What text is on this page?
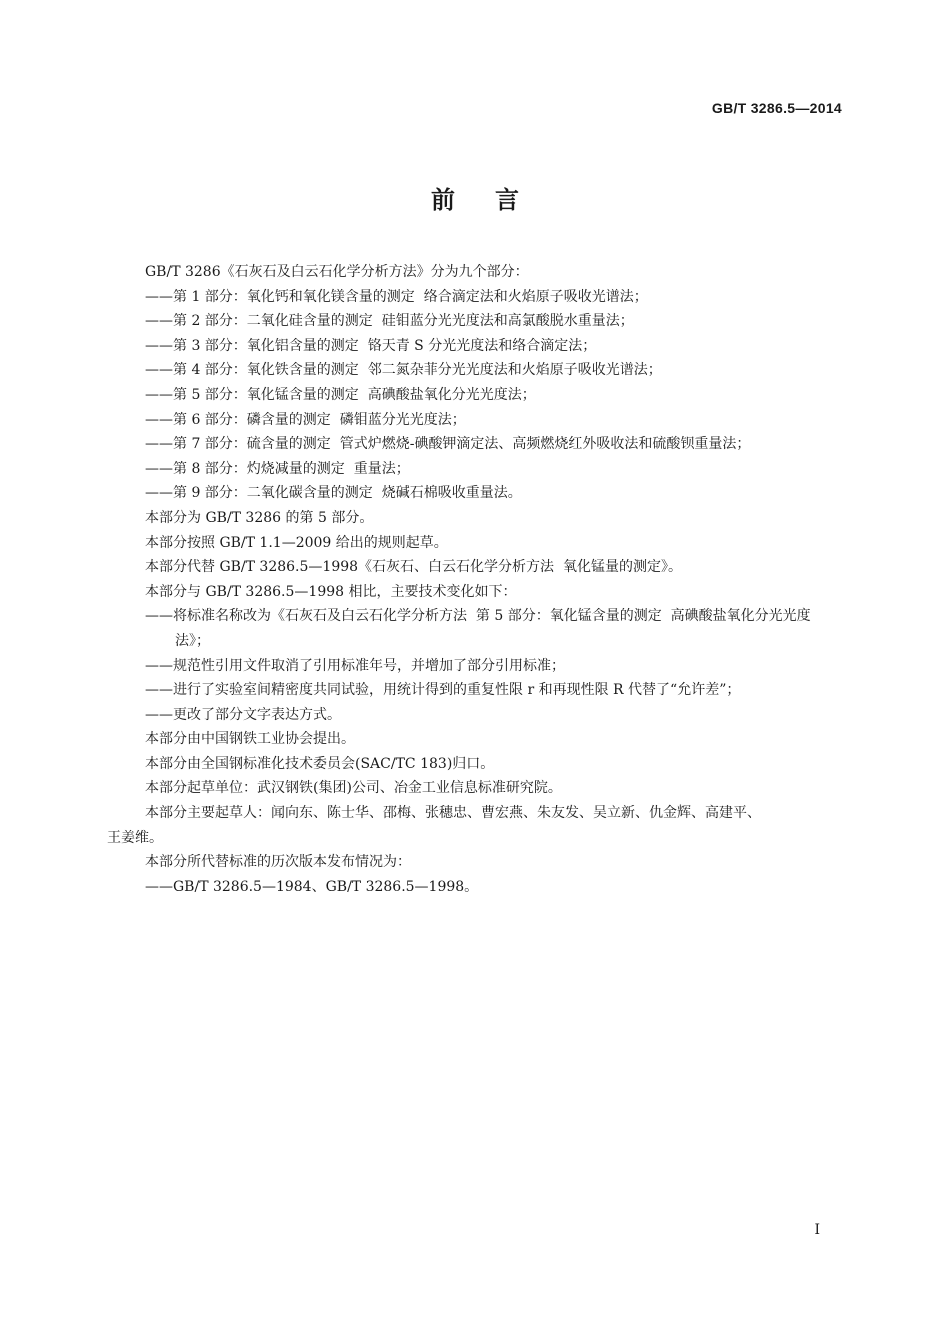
GB/T 3286.5—2014
前言

GB/T 3286《石灰石及白云石化学分析方法》分为九个部分：

——第 1 部分：氧化钙和氧化镁含量的测定  络合滴定法和火焰原子吸收光谱法；

——第 2 部分：二氧化硅含量的测定  硅钼蓝分光光度法和高氯酸脱水重量法；

——第 3 部分：氧化铝含量的测定  铬天青 S 分光光度法和络合滴定法；

——第 4 部分：氧化铁含量的测定  邻二氮杂菲分光光度法和火焰原子吸收光谱法；

——第 5 部分：氧化锰含量的测定  高碘酸盐氧化分光光度法；

——第 6 部分：磷含量的测定  磷钼蓝分光光度法；

——第 7 部分：硫含量的测定  管式炉燃烧-碘酸钾滴定法、高频燃烧红外吸收法和硫酸钡重量法；

——第 8 部分：灼烧减量的测定  重量法；

——第 9 部分：二氧化碳含量的测定  烧碱石棉吸收重量法。

本部分为 GB/T 3286 的第 5 部分。

本部分按照 GB/T 1.1—2009 给出的规则起草。

本部分代替 GB/T 3286.5—1998《石灰石、白云石化学分析方法  氧化锰量的测定》。

本部分与 GB/T 3286.5—1998 相比，主要技术变化如下：

——将标准名称改为《石灰石及白云石化学分析方法  第 5 部分：氧化锰含量的测定  高碘酸盐氧化分光光度法》；

——规范性引用文件取消了引用标准年号，并增加了部分引用标准；

——进行了实验室间精密度共同试验，用统计得到的重复性限 r 和再现性限 R 代替了“允许差”；

——更改了部分文字表达方式。

本部分由中国钢铁工业协会提出。

本部分由全国钢标准化技术委员会(SAC/TC 183)归口。

本部分起草单位：武汉钢铁(集团)公司、冶金工业信息标准研究院。

本部分主要起草人：闻向东、陈士华、邵梅、张穗忠、曹宏燕、朱友发、吴立新、仇金辉、高建平、

王姜维。

本部分所代替标准的历次版本发布情况为：

——GB/T 3286.5—1984、GB/T 3286.5—1998。

I
